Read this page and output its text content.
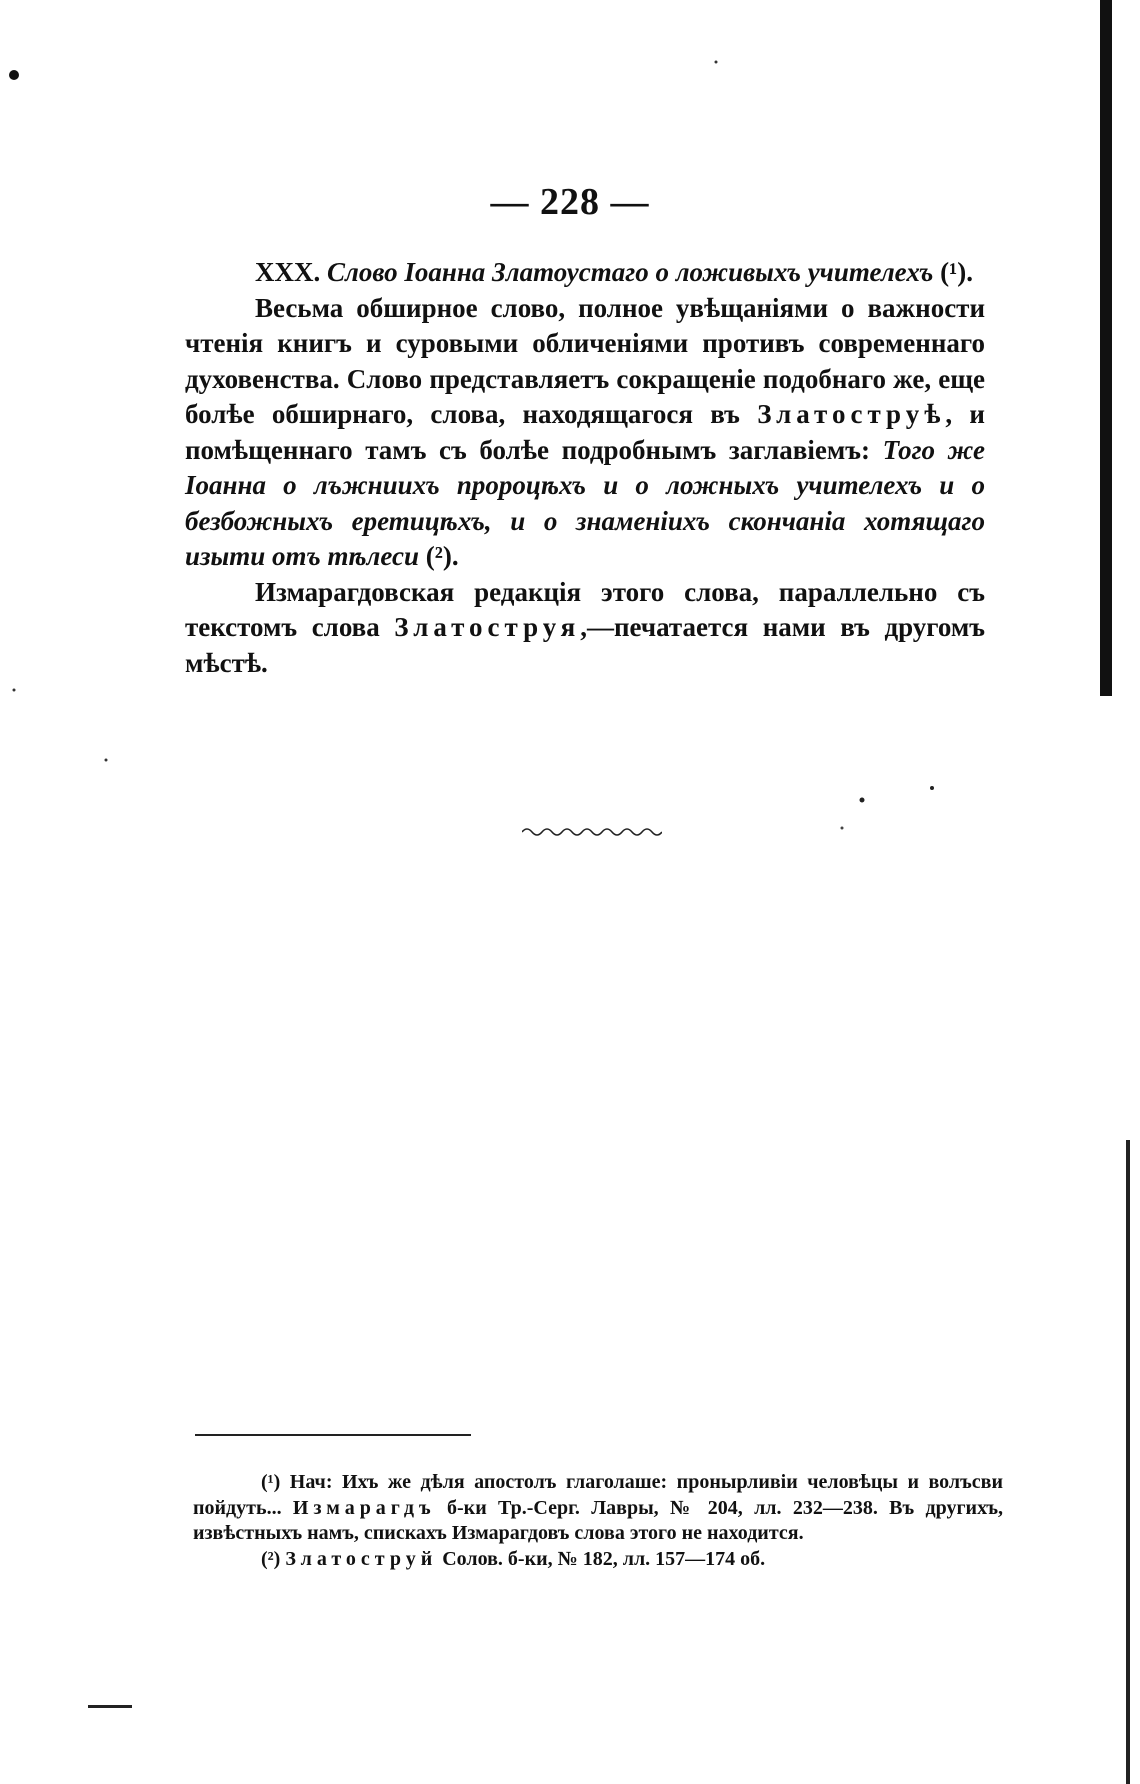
— 228 —

XXX. Слово Іоанна Златоустаго о ложивыхъ учителехъ (¹).

Весьма обширное слово, полное увѣщаніями о важности чтенія книгъ и суровыми обличеніями противъ современнаго духовенства. Слово представляетъ сокращеніе подобнаго же, еще болѣе обширнаго, слова, находящагося въ Златоструѣ, и помѣщеннаго тамъ съ болѣе подробнымъ заглавіемъ: Того же Іоанна о лъжниихъ пророцѣхъ и о ложныхъ учителехъ и о безбожныхъ еретицѣхъ, и о знаменіихъ скончаніа хотящаго изыти отъ тѣлеси (²).

Измарагдовская редакція этого слова, параллельно съ текстомъ слова Златоструя,—печатается нами въ другомъ мѣстѣ.

(¹) Нач: Ихъ же дѣля апостолъ глаголаше: пронырливіи человѣцы и волъсви пойдуть... Измарагдъ б-ки Тр.-Серг. Лавры, № 204, лл. 232—238. Въ другихъ, извѣстныхъ намъ, спискахъ Измарагдовъ слова этого не находится.

(²) Златоструй Солов. б-ки, № 182, лл. 157—174 об.
